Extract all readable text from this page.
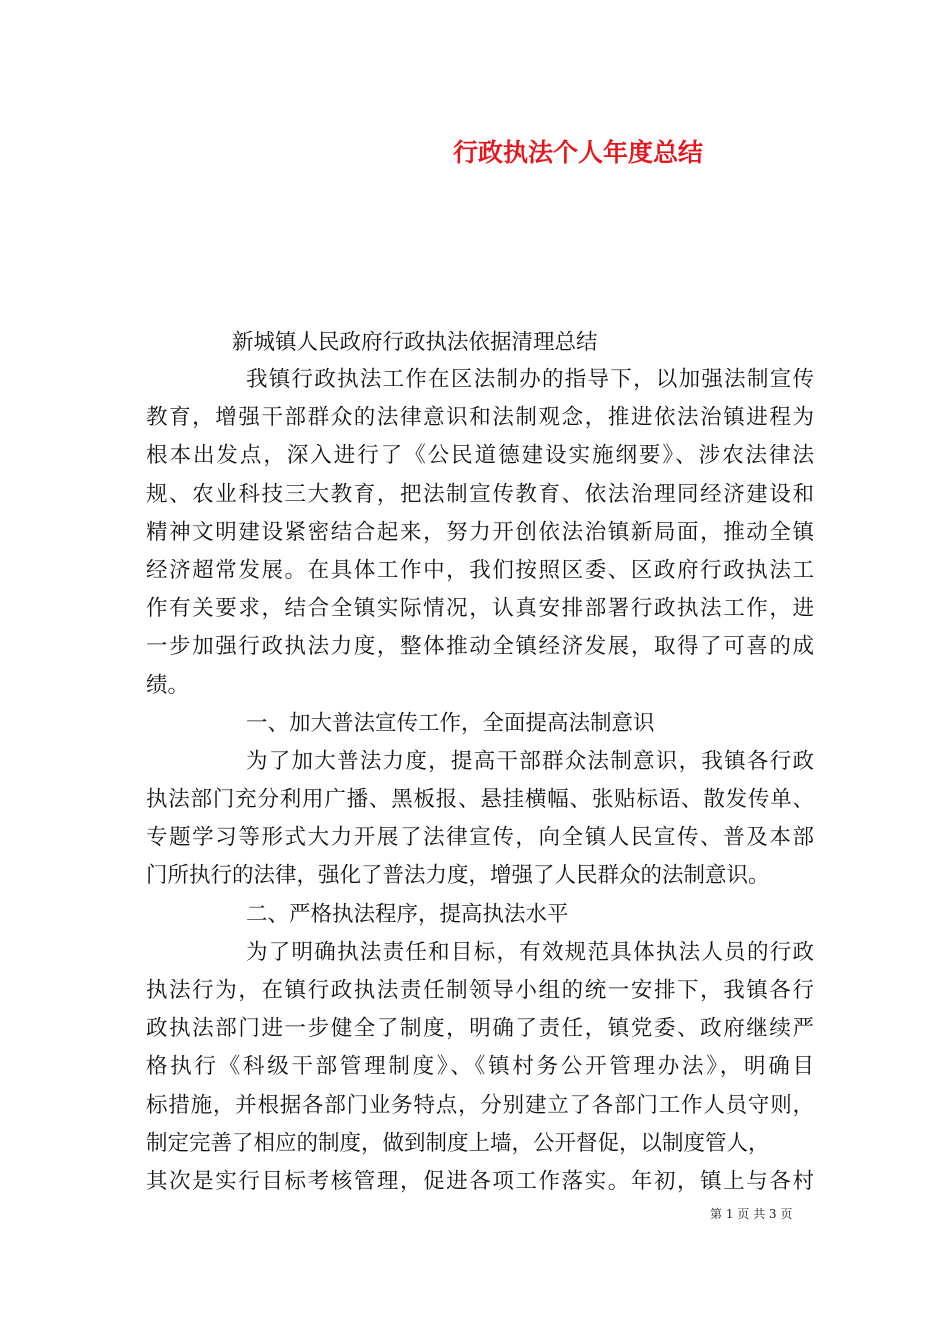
行政执法个人年度总结
新城镇人民政府行政执法依据清理总结
我镇行政执法工作在区法制办的指导下，以加强法制宣传
教育，增强干部群众的法律意识和法制观念，推进依法治镇进程为
根本出发点，深入进行了《公民道德建设实施纲要》、涉农法律法
规、农业科技三大教育，把法制宣传教育、依法治理同经济建设和
精神文明建设紧密结合起来，努力开创依法治镇新局面，推动全镇
经济超常发展。在具体工作中，我们按照区委、区政府行政执法工
作有关要求，结合全镇实际情况，认真安排部署行政执法工作，进
一步加强行政执法力度，整体推动全镇经济发展，取得了可喜的成
绩。
一、加大普法宣传工作，全面提高法制意识
为了加大普法力度，提高干部群众法制意识，我镇各行政
执法部门充分利用广播、黑板报、悬挂横幅、张贴标语、散发传单、
专题学习等形式大力开展了法律宣传，向全镇人民宣传、普及本部
门所执行的法律，强化了普法力度，增强了人民群众的法制意识。
二、严格执法程序，提高执法水平
为了明确执法责任和目标，有效规范具体执法人员的行政
执法行为，在镇行政执法责任制领导小组的统一安排下，我镇各行
政执法部门进一步健全了制度，明确了责任，镇党委、政府继续严
格执行《科级干部管理制度》、《镇村务公开管理办法》，明确目
标措施，并根据各部门业务特点，分别建立了各部门工作人员守则，
制定完善了相应的制度，做到制度上墙，公开督促，以制度管人，
其次是实行目标考核管理，促进各项工作落实。年初，镇上与各村
第 1 页 共 3 页
